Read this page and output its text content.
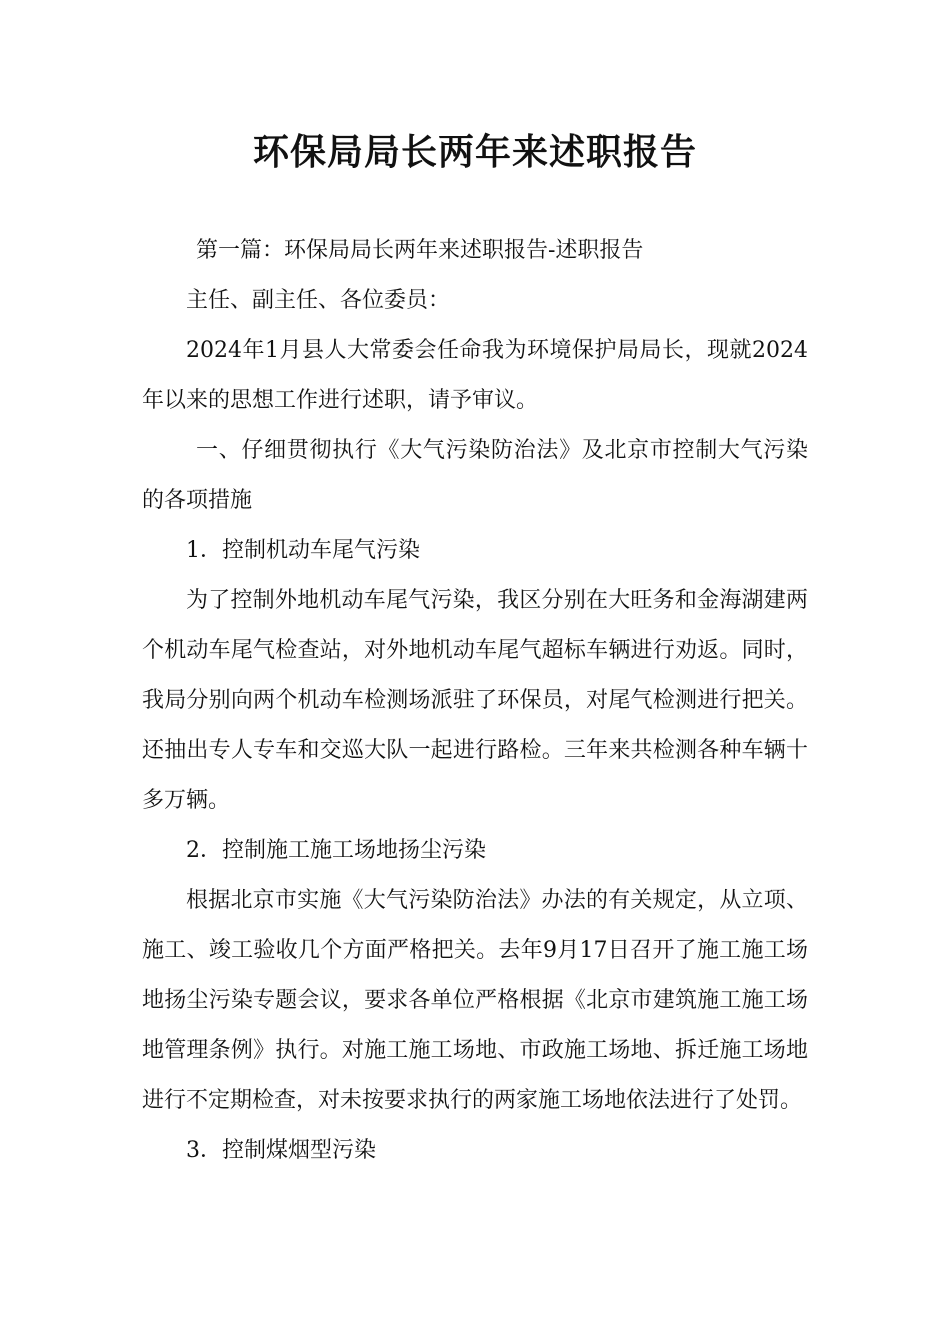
环保局局长两年来述职报告

第一篇：环保局局长两年来述职报告-述职报告

主任、副主任、各位委员：

2024年1月县人大常委会任命我为环境保护局局长，现就2024年以来的思想工作进行述职，请予审议。

一、仔细贯彻执行《大气污染防治法》及北京市控制大气污染的各项措施

1．控制机动车尾气污染

为了控制外地机动车尾气污染，我区分别在大旺务和金海湖建两个机动车尾气检查站，对外地机动车尾气超标车辆进行劝返。同时，我局分别向两个机动车检测场派驻了环保员，对尾气检测进行把关。还抽出专人专车和交巡大队一起进行路检。三年来共检测各种车辆十多万辆。

2．控制施工施工场地扬尘污染

根据北京市实施《大气污染防治法》办法的有关规定，从立项、施工、竣工验收几个方面严格把关。去年9月17日召开了施工施工场地扬尘污染专题会议，要求各单位严格根据《北京市建筑施工施工场地管理条例》执行。对施工施工场地、市政施工场地、拆迁施工场地进行不定期检查，对未按要求执行的两家施工场地依法进行了处罚。

3．控制煤烟型污染
